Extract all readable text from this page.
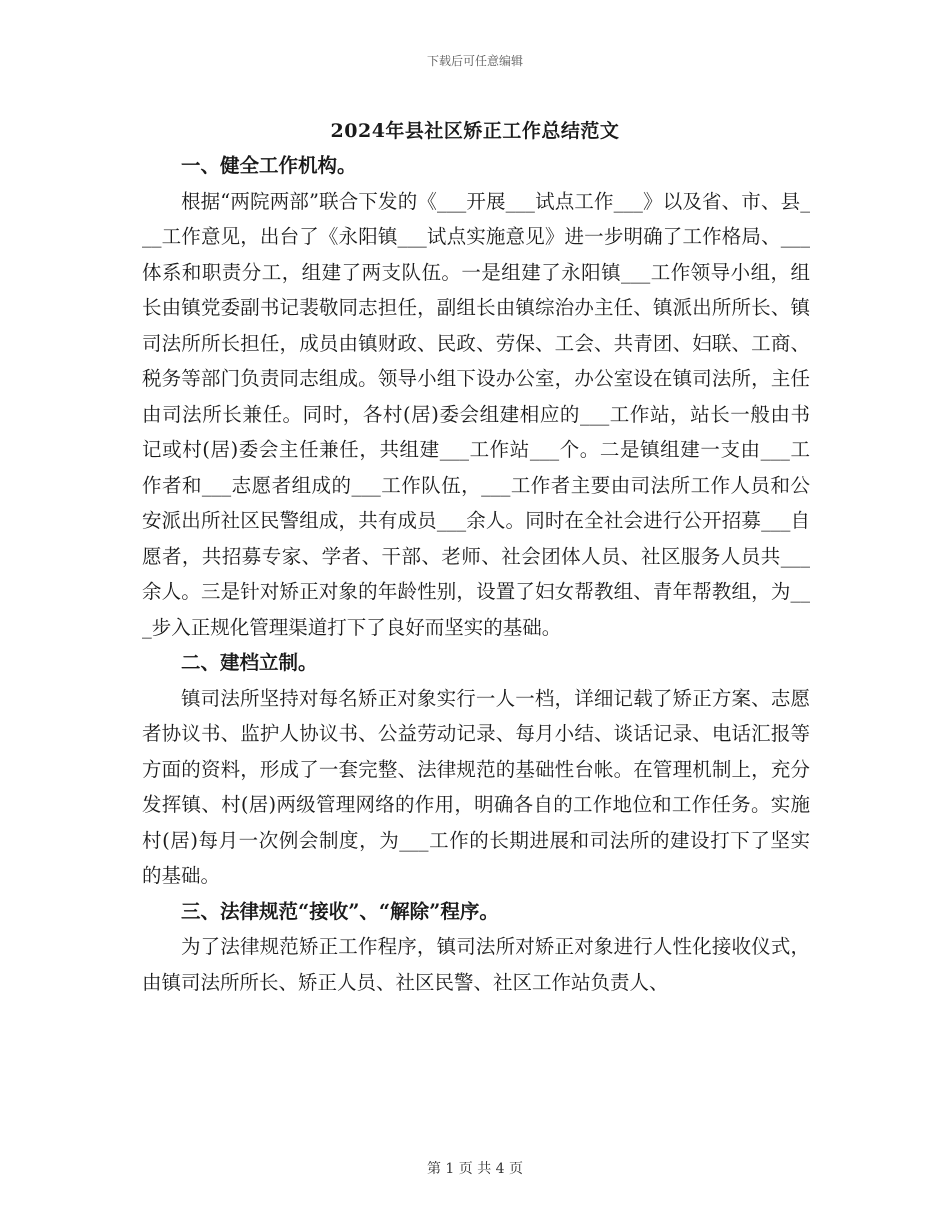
下载后可任意编辑
2024年县社区矫正工作总结范文

一、健全工作机构。

根据“两院两部”联合下发的《___开展___试点工作___》以及省、市、县___工作意见，出台了《永阳镇___试点实施意见》进一步明确了工作格局、___体系和职责分工，组建了两支队伍。一是组建了永阳镇___工作领导小组，组长由镇党委副书记裴敬同志担任，副组长由镇综治办主任、镇派出所所长、镇司法所所长担任，成员由镇财政、民政、劳保、工会、共青团、妇联、工商、税务等部门负责同志组成。领导小组下设办公室，办公室设在镇司法所，主任由司法所长兼任。同时，各村(居)委会组建相应的___工作站，站长一般由书记或村(居)委会主任兼任，共组建___工作站___个。二是镇组建一支由___工作者和___志愿者组成的___工作队伍，___工作者主要由司法所工作人员和公安派出所社区民警组成，共有成员___余人。同时在全社会进行公开招募___自愿者，共招募专家、学者、干部、老师、社会团体人员、社区服务人员共___余人。三是针对矫正对象的年龄性别，设置了妇女帮教组、青年帮教组，为___步入正规化管理渠道打下了良好而坚实的基础。

二、建档立制。

镇司法所坚持对每名矫正对象实行一人一档，详细记载了矫正方案、志愿者协议书、监护人协议书、公益劳动记录、每月小结、谈话记录、电话汇报等方面的资料，形成了一套完整、法律规范的基础性台帐。在管理机制上，充分发挥镇、村(居)两级管理网络的作用，明确各自的工作地位和工作任务。实施村(居)每月一次例会制度，为___工作的长期进展和司法所的建设打下了坚实的基础。

三、法律规范“接收”、“解除”程序。

为了法律规范矫正工作程序，镇司法所对矫正对象进行人性化接收仪式，由镇司法所所长、矫正人员、社区民警、社区工作站负责人、

第 1 页 共 4 页
